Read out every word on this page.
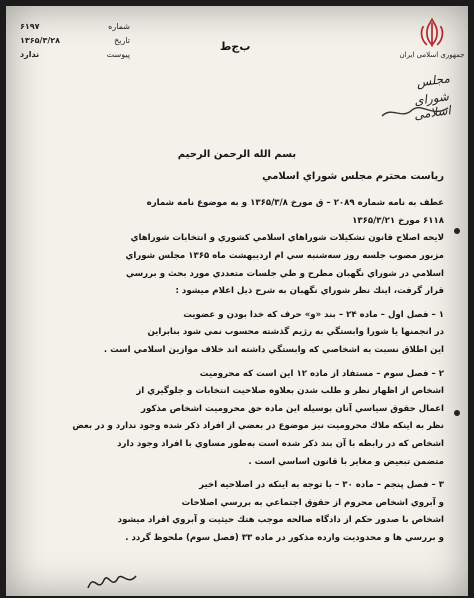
جمهوری اسلامی ایران
مجلس
شورای اسلامی
شماره
۶۱۹۷
تاریخ
۱۳۶۵/۳/۲۸
پیوست
ندارد
ب‌ج‌ط
بسم الله الرحمن الرحيم
رياست محترم مجلس شوراي اسلامي

عطف به نامه شماره ۲۰۸۹ – ق مورخ ۱۳۶۵/۳/۸ و به موضوع نامه شماره

۶۱۱۸ مورخ ۱۳۶۵/۳/۲۱

لايحه اصلاح قانون تشكيلات شوراهاي اسلامي كشوري و انتخابات شوراهاي

مزبور مصوب جلسه روز سه‌شنبه سي ام ارديبهشت ماه ۱۳۶۵ مجلس شوراي

اسلامي در شوراي نگهبان مطرح و طي جلسات متعددي مورد بحث و بررسي

قرار گرفت، اينك نظر شوراي نگهبان به شرح ذيل اعلام ميشود :

۱ – فصل اول – ماده ۲۴ – بند «و» حرف كه خدا بودن و عضويت

در انجمنها يا شورا وابستگي به رژيم گذشته محسوب نمي شود بنابراين

اين اطلاق نسبت به اشخاصي كه وابستگي داشته اند خلاف موازين اسلامي است .

۲ – فصل سوم – مستفاد از ماده ۱۲ اين است كه محروميت

اشخاص از اظهار نظر و طلب شدن بعلاوه صلاحيت انتخابات و جلوگيري از

اعمال حقوق سياسي آنان بوسيله اين ماده حق محروميت اشخاص مذكور

نظر به اينكه ملاك محروميت نيز موضوع در بعضي از افراد ذكر شده وجود ندارد و در بعض

اشخاص كه در رابطه با آن بند ذكر شده است به‌طور مساوي با افراد وجود دارد

متضمن تبعيض و مغاير با قانون اساسي است .

۳ – فصل پنجم – ماده ۳۰ – با توجه به اينكه در اصلاحيه اخير

و آبروي اشخاص محروم از حقوق اجتماعي به بررسي اصلاحات

اشخاص با صدور حكم از دادگاه صالحه موجب هتك حيثيت و آبروي افراد ميشود

و بررسي ها و محدوديت وارده مذكور در ماده ۳۳ (فصل سوم) ملحوظ گردد .
